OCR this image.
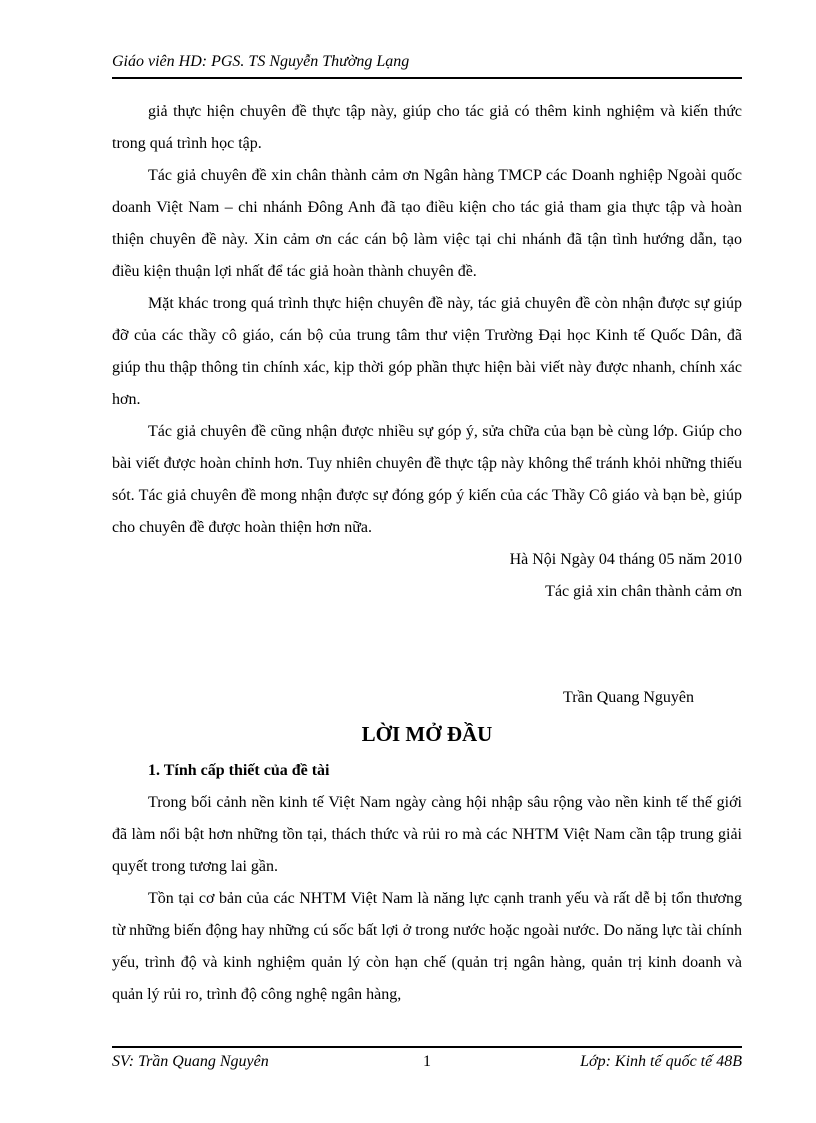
Giáo viên HD: PGS. TS Nguyễn Thường Lạng

giả thực hiện chuyên đề thực tập này, giúp cho tác giả có thêm kinh nghiệm và kiến thức trong quá trình học tập.

Tác giả chuyên đề xin chân thành cảm ơn Ngân hàng TMCP các Doanh nghiệp Ngoài quốc doanh Việt Nam – chi nhánh Đông Anh đã tạo điều kiện cho tác giả tham gia thực tập và hoàn thiện chuyên đề này. Xin cảm ơn các cán bộ làm việc tại chi nhánh đã tận tình hướng dẫn, tạo điều kiện thuận lợi nhất để tác giả hoàn thành chuyên đề.

Mặt khác trong quá trình thực hiện chuyên đề này, tác giả chuyên đề còn nhận được sự giúp đỡ của các thầy cô giáo, cán bộ của trung tâm thư viện Trường Đại học Kinh tế Quốc Dân, đã giúp thu thập thông tin chính xác, kịp thời góp phần thực hiện bài viết này được nhanh, chính xác hơn.

Tác giả chuyên đề cũng nhận được nhiều sự góp ý, sửa chữa của bạn bè cùng lớp. Giúp cho bài viết được hoàn chỉnh hơn. Tuy nhiên chuyên đề thực tập này không thể tránh khỏi những thiếu sót. Tác giả chuyên đề mong nhận được sự đóng góp ý kiến của các Thầy Cô giáo và bạn bè, giúp cho chuyên đề được hoàn thiện hơn nữa.

Hà Nội Ngày 04 tháng 05 năm 2010

Tác giả xin chân thành cảm ơn

Trần Quang Nguyên
LỜI MỞ ĐẦU

1. Tính cấp thiết của đề tài

Trong bối cảnh nền kinh tế Việt Nam ngày càng hội nhập sâu rộng vào nền kinh tế thế giới đã làm nổi bật hơn những tồn tại, thách thức và rủi ro mà các NHTM Việt Nam cần tập trung giải quyết trong tương lai gần.

Tồn tại cơ bản của các NHTM Việt Nam là năng lực cạnh tranh yếu và rất dễ bị tổn thương từ những biến động hay những cú sốc bất lợi ở trong nước hoặc ngoài nước. Do năng lực tài chính yếu, trình độ và kinh nghiệm quản lý còn hạn chế (quản trị ngân hàng, quản trị kinh doanh và quản lý rủi ro, trình độ công nghệ ngân hàng,

SV: Trần Quang Nguyên	1	Lớp: Kinh tế quốc tế 48B
